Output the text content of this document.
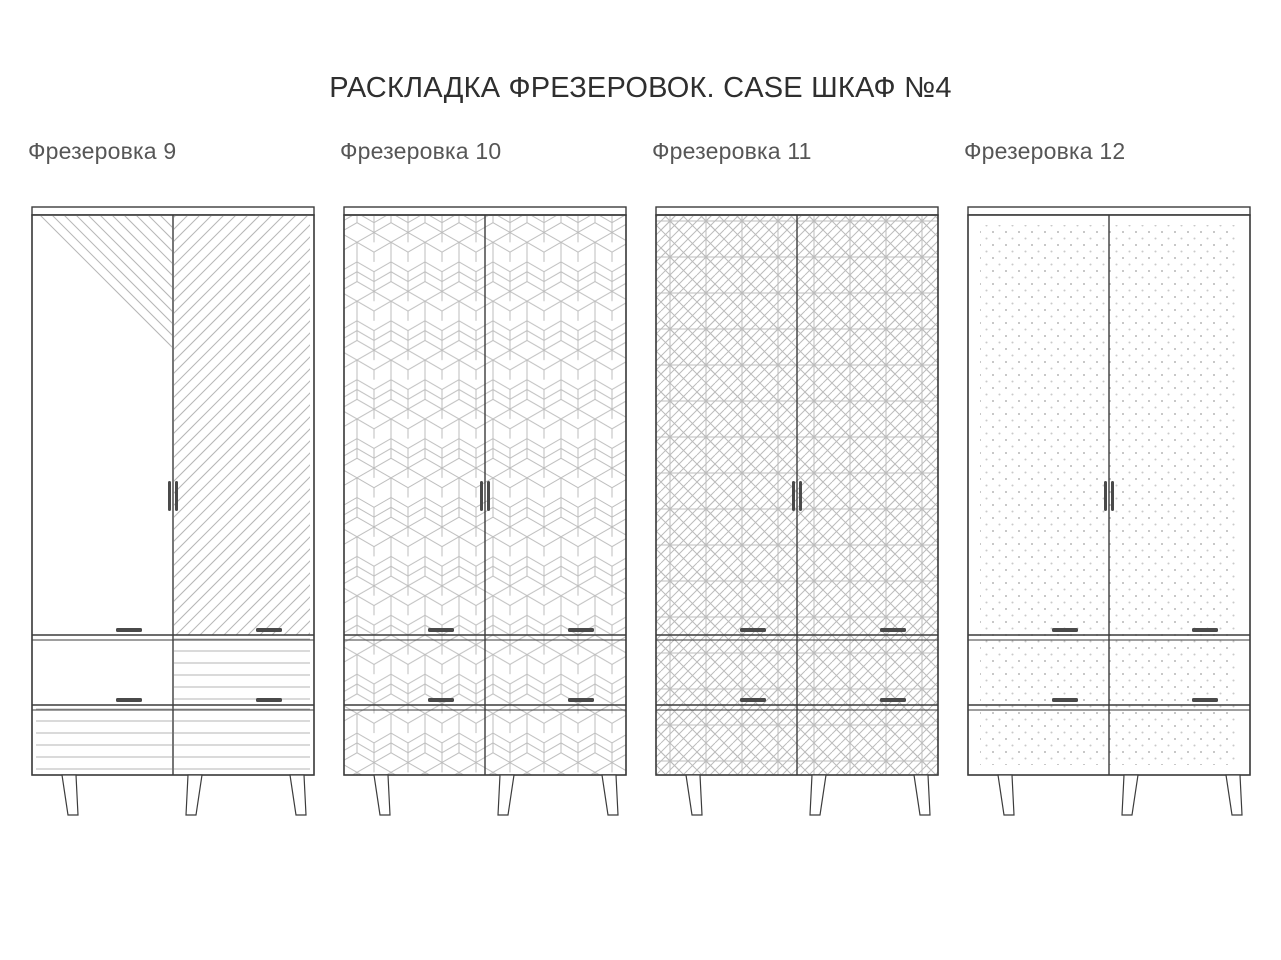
РАСКЛАДКА ФРЕЗЕРОВОК. CASE ШКАФ №4
Фрезеровка 9	Фрезеровка 10	Фрезеровка 11	Фрезеровка 12
